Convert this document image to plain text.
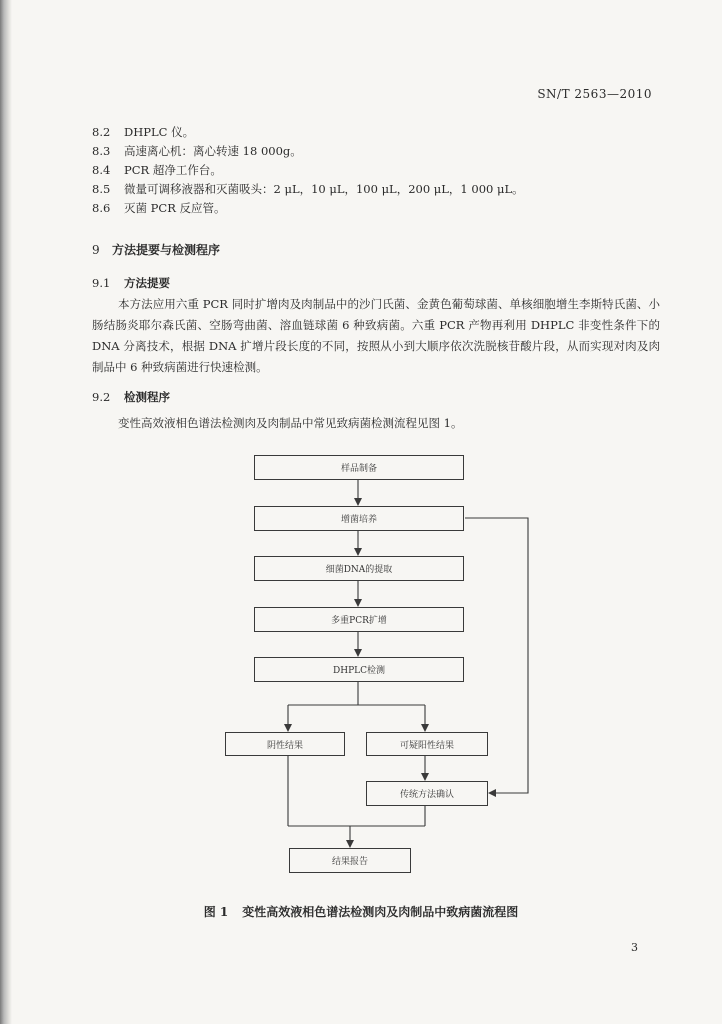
SN/T 2563—2010
8.2 DHPLC 仪。
8.3 高速离心机：离心转速 18 000g。
8.4 PCR 超净工作台。
8.5 微量可调移液器和灭菌吸头：2 μL，10 μL，100 μL，200 μL，1 000 μL。
8.6 灭菌 PCR 反应管。
9 方法提要与检测程序
9.1 方法提要
本方法应用六重 PCR 同时扩增肉及肉制品中的沙门氏菌、金黄色葡萄球菌、单核细胞增生李斯特氏菌、小肠结肠炎耶尔森氏菌、空肠弯曲菌、溶血链球菌 6 种致病菌。六重 PCR 产物再利用 DHPLC 非变性条件下的 DNA 分离技术，根据 DNA 扩增片段长度的不同，按照从小到大顺序依次洗脱核苷酸片段，从而实现对肉及肉制品中 6 种致病菌进行快速检测。
9.2 检测程序
变性高效液相色谱法检测肉及肉制品中常见致病菌检测流程见图 1。
样品制备
增菌培养
细菌DNA的提取
多重PCR扩增
DHPLC检测
阴性结果	可疑阳性结果
传统方法确认
结果报告
图 1 变性高效液相色谱法检测肉及肉制品中致病菌流程图
3
